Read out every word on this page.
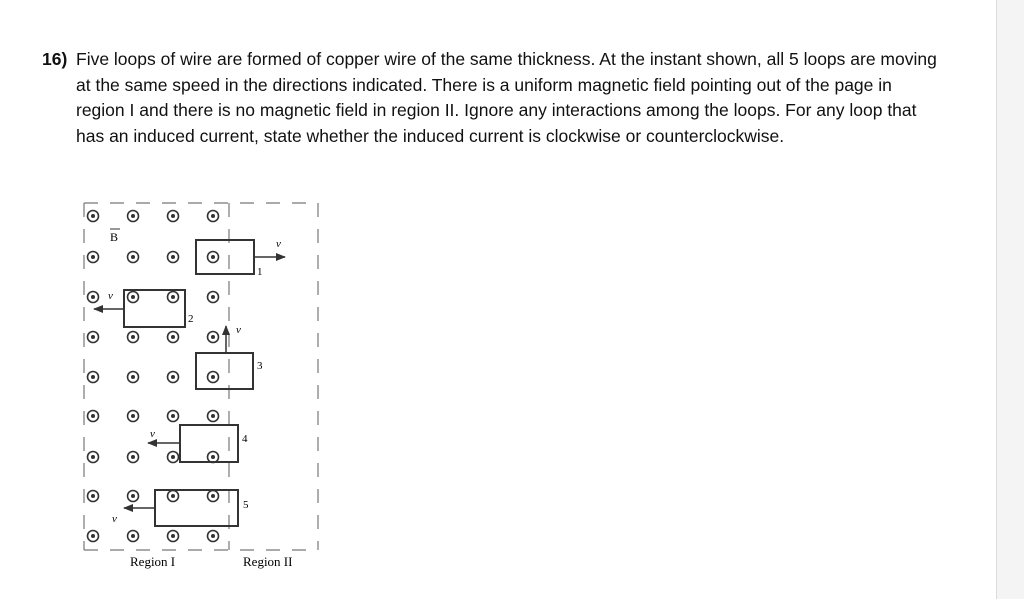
16) Five loops of wire are formed of copper wire of the same thickness. At the instant shown, all 5 loops are moving at the same speed in the directions indicated. There is a uniform magnetic field pointing out of the page in region I and there is no magnetic field in region II. Ignore any interactions among the loops. For any loop that has an induced current, state whether the induced current is clockwise or counterclockwise.
v
1
v
2
v
3
v	4
v
5
B
Region I	Region II
